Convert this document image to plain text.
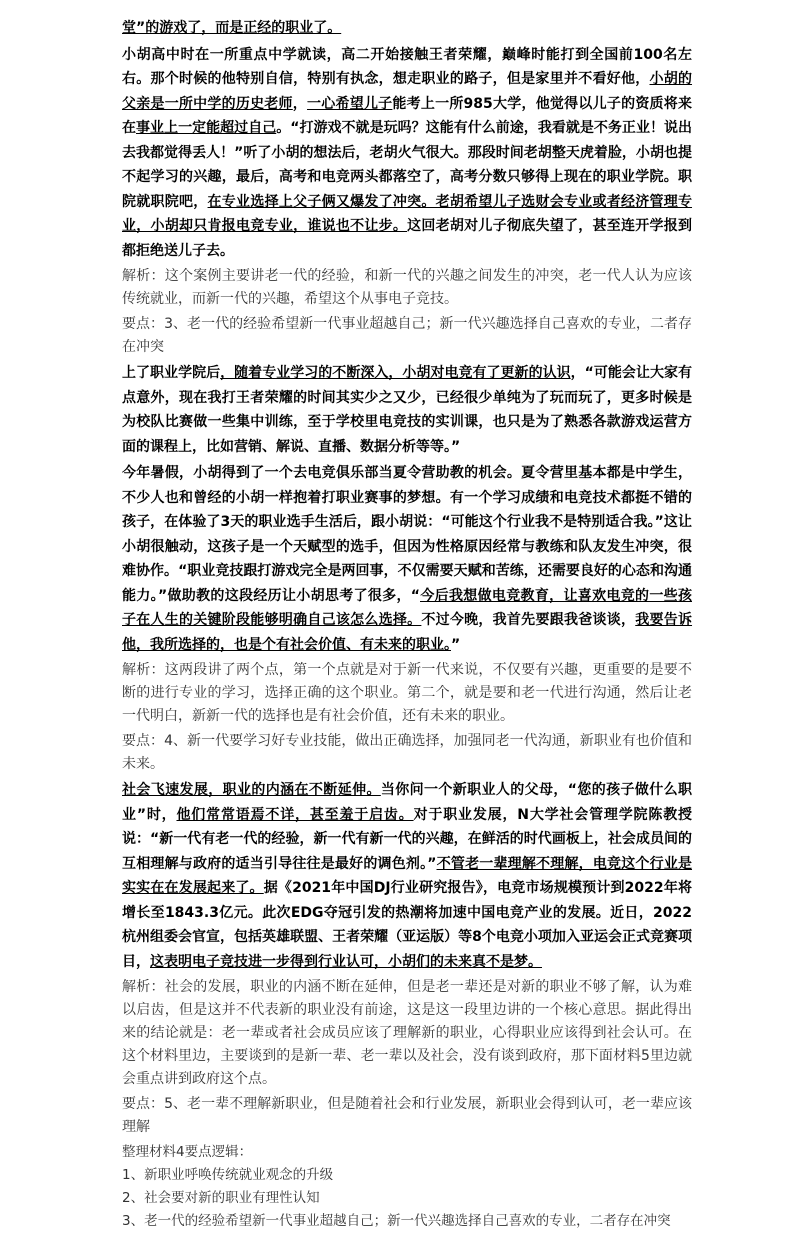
堂”的游戏了，而是正经的职业了。

小胡高中时在一所重点中学就读，高二开始接触王者荣耀，巅峰时能打到全国前100名左右。那个时候的他特别自信，特别有执念，想走职业的路子，但是家里并不看好他，小胡的父亲是一所中学的历史老师，一心希望儿子能考上一所985大学，他觉得以儿子的资质将来在事业上一定能超过自己。“打游戏不就是玩吗？这能有什么前途，我看就是不务正业！说出去我都觉得丢人！”听了小胡的想法后，老胡火气很大。那段时间老胡整天虎着脸，小胡也提不起学习的兴趣，最后，高考和电竞两头都落空了，高考分数只够得上现在的职业学院。职院就职院吧，在专业选择上父子俩又爆发了冲突。老胡希望儿子选财会专业或者经济管理专业，小胡却只肯报电竞专业，谁说也不让步。这回老胡对儿子彻底失望了，甚至连开学报到都拒绝送儿子去。

解析：这个案例主要讲老一代的经验，和新一代的兴趣之间发生的冲突，老一代人认为应该传统就业，而新一代的兴趣，希望这个从事电子竞技。

要点：3、老一代的经验希望新一代事业超越自己；新一代兴趣选择自己喜欢的专业，二者存在冲突

上了职业学院后，随着专业学习的不断深入，小胡对电竞有了更新的认识，“可能会让大家有点意外，现在我打王者荣耀的时间其实少之又少，已经很少单纯为了玩而玩了，更多时候是为校队比赛做一些集中训练，至于学校里电竞技的实训课，也只是为了熟悉各款游戏运营方面的课程上，比如营销、解说、直播、数据分析等等。”

今年暑假，小胡得到了一个去电竞俱乐部当夏令营助教的机会。夏令营里基本都是中学生，不少人也和曾经的小胡一样抱着打职业赛事的梦想。有一个学习成绩和电竞技术都挺不错的孩子，在体验了3天的职业选手生活后，跟小胡说：“可能这个行业我不是特别适合我。”这让小胡很触动，这孩子是一个天赋型的选手，但因为性格原因经常与教练和队友发生冲突，很难协作。“职业竞技跟打游戏完全是两回事，不仅需要天赋和苦练，还需要良好的心态和沟通能力。”做助教的这段经历让小胡思考了很多，“今后我想做电竞教育，让喜欢电竞的一些孩子在人生的关键阶段能够明确自己该怎么选择。不过今晚，我首先要跟我爸谈谈，我要告诉他，我所选择的，也是个有社会价值、有未来的职业。”

解析：这两段讲了两个点，第一个点就是对于新一代来说，不仅要有兴趣，更重要的是要不断的进行专业的学习，选择正确的这个职业。第二个，就是要和老一代进行沟通，然后让老一代明白，新新一代的选择也是有社会价值，还有未来的职业。

要点：4、新一代要学习好专业技能，做出正确选择，加强同老一代沟通，新职业有也价值和未来。

社会飞速发展，职业的内涵在不断延伸。当你问一个新职业人的父母，“您的孩子做什么职业”时，他们常常语焉不详，甚至羞于启齿。对于职业发展，N大学社会管理学院陈教授说：“新一代有老一代的经验，新一代有新一代的兴趣，在鲜活的时代画板上，社会成员间的互相理解与政府的适当引导往往是最好的调色剂。”不管老一辈理解不理解，电竞这个行业是实实在在发展起来了。据《2021年中国DJ行业研究报告》，电竞市场规模预计到2022年将增长至1843.3亿元。此次EDG夺冠引发的热潮将加速中国电竞产业的发展。近日，2022杭州组委会官宣，包括英雄联盟、王者荣耀（亚运版）等8个电竞小项加入亚运会正式竞赛项目，这表明电子竞技进一步得到行业认可，小胡们的未来真不是梦。

解析：社会的发展，职业的内涵不断在延伸，但是老一辈还是对新的职业不够了解，认为难以启齿，但是这并不代表新的职业没有前途，这是这一段里边讲的一个核心意思。据此得出来的结论就是：老一辈或者社会成员应该了理解新的职业，心得职业应该得到社会认可。在这个材料里边，主要谈到的是新一辈、老一辈以及社会，没有谈到政府，那下面材料5里边就会重点讲到政府这个点。

要点：5、老一辈不理解新职业，但是随着社会和行业发展，新职业会得到认可，老一辈应该理解

整理材料4要点逻辑：

1、新职业呼唤传统就业观念的升级

2、社会要对新的职业有理性认知

3、老一代的经验希望新一代事业超越自己；新一代兴趣选择自己喜欢的专业，二者存在冲突
